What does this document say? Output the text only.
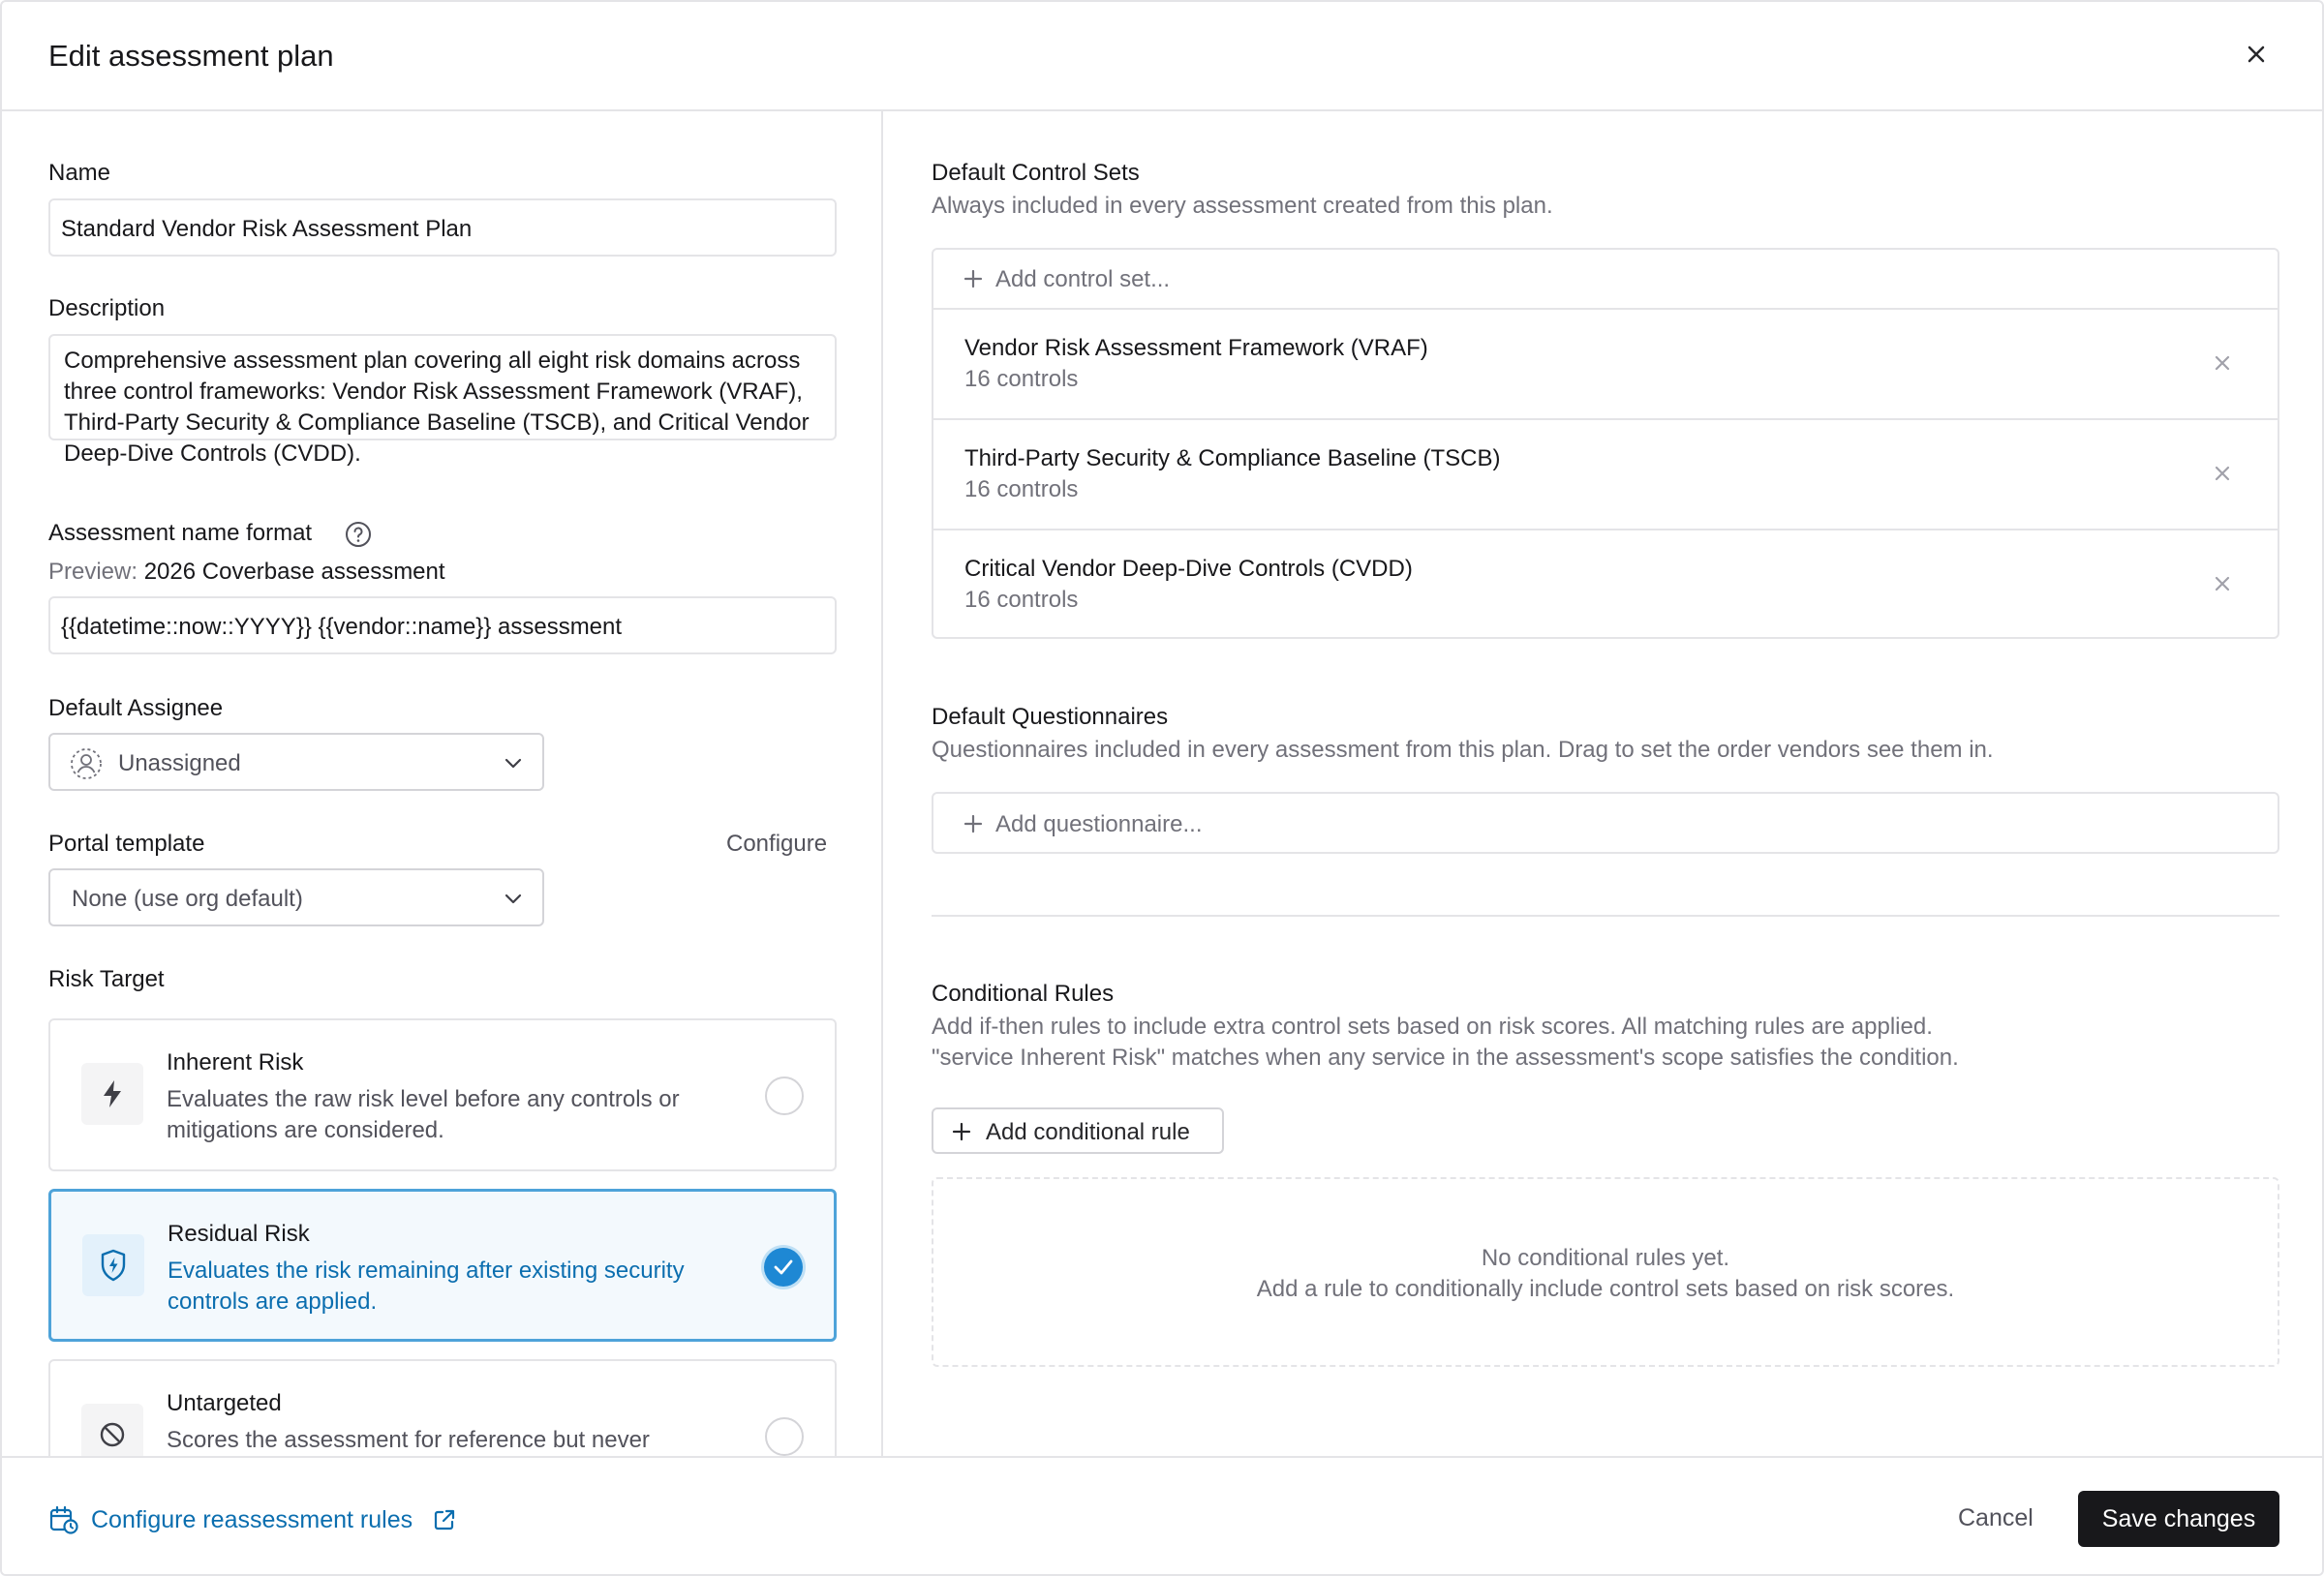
Edit assessment plan
Name
Standard Vendor Risk Assessment Plan
Description
Comprehensive assessment plan covering all eight risk domains across three control frameworks: Vendor Risk Assessment Framework (VRAF), Third-Party Security & Compliance Baseline (TSCB), and Critical Vendor Deep-Dive Controls (CVDD).
Assessment name format
Preview: 2026 Coverbase assessment
{{datetime::now::YYYY}} {{vendor::name}} assessment
Default Assignee
Unassigned
Portal template	Configure
None (use org default)
Risk Target
Inherent Risk
Evaluates the raw risk level before any controls or mitigations are considered.
Residual Risk
Evaluates the risk remaining after existing security controls are applied.
Untargeted
Scores the assessment for reference but never
Default Control Sets
Always included in every assessment created from this plan.
Add control set...
Vendor Risk Assessment Framework (VRAF)
16 controls
Third-Party Security & Compliance Baseline (TSCB)
16 controls
Critical Vendor Deep-Dive Controls (CVDD)
16 controls
Default Questionnaires
Questionnaires included in every assessment from this plan. Drag to set the order vendors see them in.
Add questionnaire...
Conditional Rules
Add if-then rules to include extra control sets based on risk scores. All matching rules are applied.
"service Inherent Risk" matches when any service in the assessment's scope satisfies the condition.
Add conditional rule
No conditional rules yet.
Add a rule to conditionally include control sets based on risk scores.
Configure reassessment rules	Cancel	Save changes
